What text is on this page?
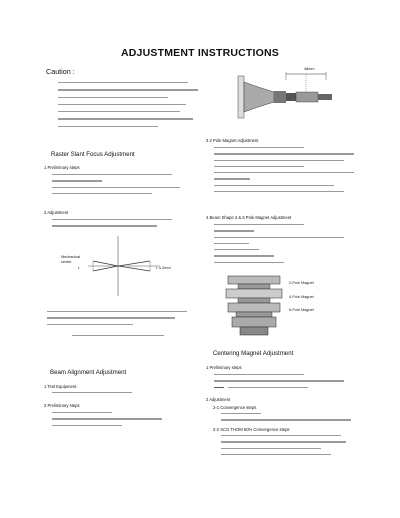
ADJUSTMENT INSTRUCTIONS
Caution :
Raster Slant Focus Adjustment
1 Preliminary steps
2 Adjustment
Mechanical
center
L	L ≤ 2mm
Beam Alignment Adjustment
1 Test Equipment
2 Preliminary steps
48mm
3 2 Pole Magnet Adjustment
4 Beam Shape 4 & 6 Pole Magnet Adjustment
2-Pole Magnet
4-Pole Magnet
6-Pole Magnet
Centering Magnet Adjustment
1 Preliminary steps
2 Adjustment
2-1 Convergence steps
2-2 SCG THOM 50% Convergence steps
